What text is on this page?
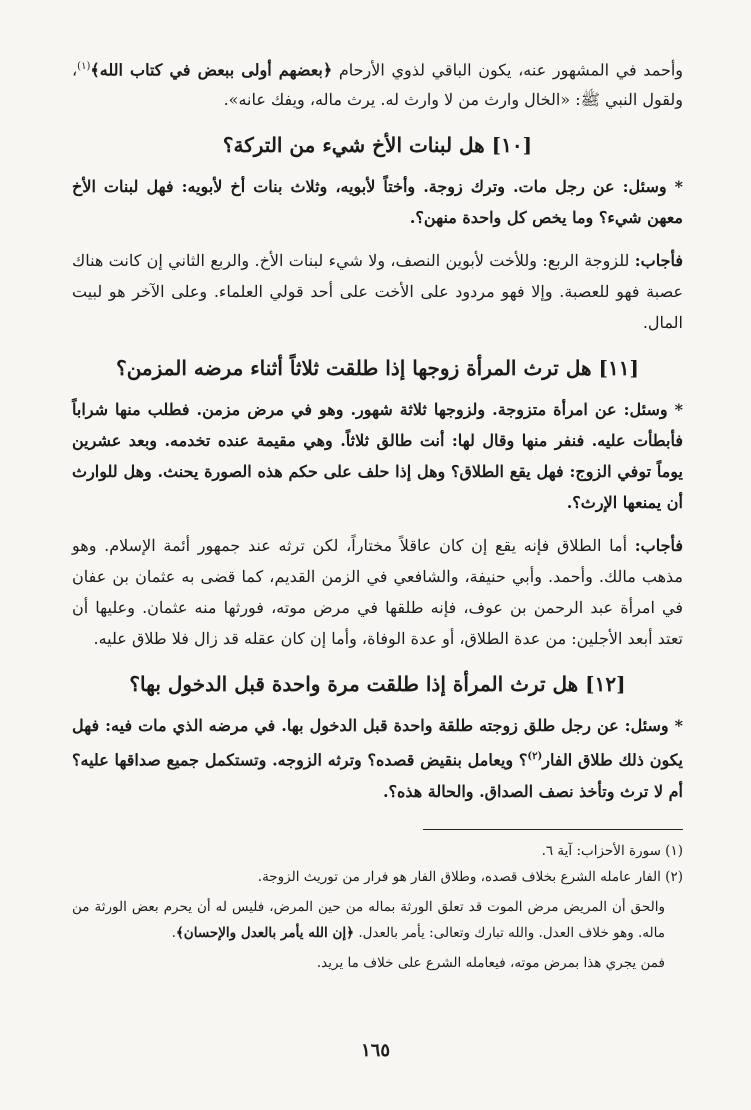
وأحمد في المشهور عنه، يكون الباقي لذوي الأرحام ﴿بعضهم أولى ببعض في كتاب الله﴾$^{(١)}$، ولقول النبي ﷺ: «الخال وارث من لا وارث له. يرث ماله، ويفك عانه».

[١٠] هل لبنات الأخ شيء من التركة؟

* وسئل: عن رجل مات. وترك زوجة. وأختاً لأبويه، وثلاث بنات أخ لأبويه: فهل لبنات الأخ معهن شيء؟ وما يخص كل واحدة منهن؟.

فأجاب: للزوجة الربع: وللأخت لأبوين النصف، ولا شيء لبنات الأخ. والربع الثاني إن كانت هناك عصبة فهو للعصبة. وإلا فهو مردود على الأخت على أحد قولي العلماء. وعلى الآخر هو لبيت المال.

[١١] هل ترث المرأة زوجها إذا طلقت ثلاثاً أثناء مرضه المزمن؟

* وسئل: عن امرأة متزوجة. ولزوجها ثلاثة شهور. وهو في مرض مزمن. فطلب منها شراباً فأبطأت عليه. فنفر منها وقال لها: أنت طالق ثلاثاً. وهي مقيمة عنده تخدمه. وبعد عشرين يوماً توفي الزوج: فهل يقع الطلاق؟ وهل إذا حلف على حكم هذه الصورة يحنث. وهل للوارث أن يمنعها الإرث؟.

فأجاب: أما الطلاق فإنه يقع إن كان عاقلاً مختاراً، لكن ترثه عند جمهور أئمة الإسلام. وهو مذهب مالك. وأحمد. وأبي حنيفة، والشافعي في الزمن القديم، كما قضى به عثمان بن عفان في امرأة عبد الرحمن بن عوف، فإنه طلقها في مرض موته، فورثها منه عثمان. وعليها أن تعتد أبعد الأجلين: من عدة الطلاق، أو عدة الوفاة، وأما إن كان عقله قد زال فلا طلاق عليه.

[١٢] هل ترث المرأة إذا طلقت مرة واحدة قبل الدخول بها؟

* وسئل: عن رجل طلق زوجته طلقة واحدة قبل الدخول بها. في مرضه الذي مات فيه: فهل يكون ذلك طلاق الفار$^{(٢)}$؟ ويعامل بنقيض قصده؟ وترثه الزوجه. وتستكمل جميع صداقها عليه؟ أم لا ترث وتأخذ نصف الصداق. والحالة هذه؟.

(١) سورة الأحزاب: آية ٦.

(٢) الفار عامله الشرع بخلاف قصده، وطلاق الفار هو فرار من توريث الزوجة.

والحق أن المريض مرض الموت قد تعلق الورثة بماله من حين المرض، فليس له أن يحرم بعض الورثة من ماله. وهو خلاف العدل. والله تبارك وتعالى: يأمر بالعدل. ﴿إن الله يأمر بالعدل والإحسان﴾.

فمن يجري هذا بمرض موته، فيعامله الشرع على خلاف ما يريد.

١٦٥
